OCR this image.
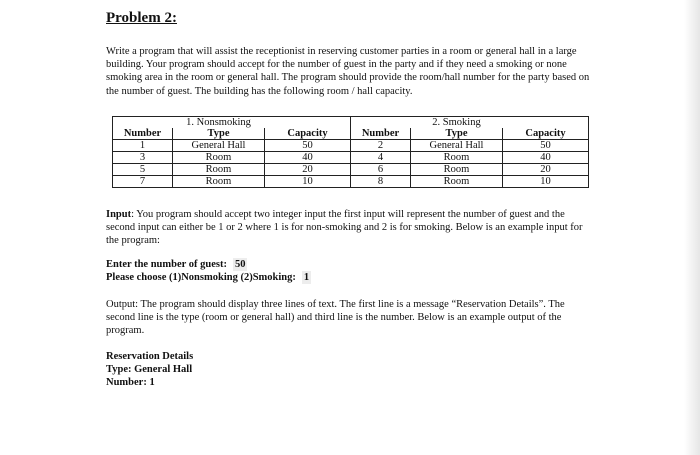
Problem 2:

Write a program that will assist the receptionist in reserving customer parties in a room or general hall in a large building. Your program should accept for the number of guest in the party and if they need a smoking or none smoking area in the room or general hall. The program should provide the room/hall number for the party based on the number of guest. The building has the following room / hall capacity.

	1. Nonsmoking			2. Smoking	
Number	Type	Capacity	Number	Type	Capacity
1	General Hall	50	2	General Hall	50
3	Room	40	4	Room	40
5	Room	20	6	Room	20
7	Room	10	8	Room	10

Input: You program should accept two integer input the first input will represent the number of guest and the second input can either be 1 or 2 where 1 is for non-smoking and 2 is for smoking. Below is an example input for the program:

Enter the number of guest: 50
Please choose (1)Nonsmoking (2)Smoking: 1

Output: The program should display three lines of text. The first line is a message “Reservation Details”. The second line is the type (room or general hall) and third line is the number. Below is an example output of the program.

Reservation Details
Type: General Hall
Number: 1
